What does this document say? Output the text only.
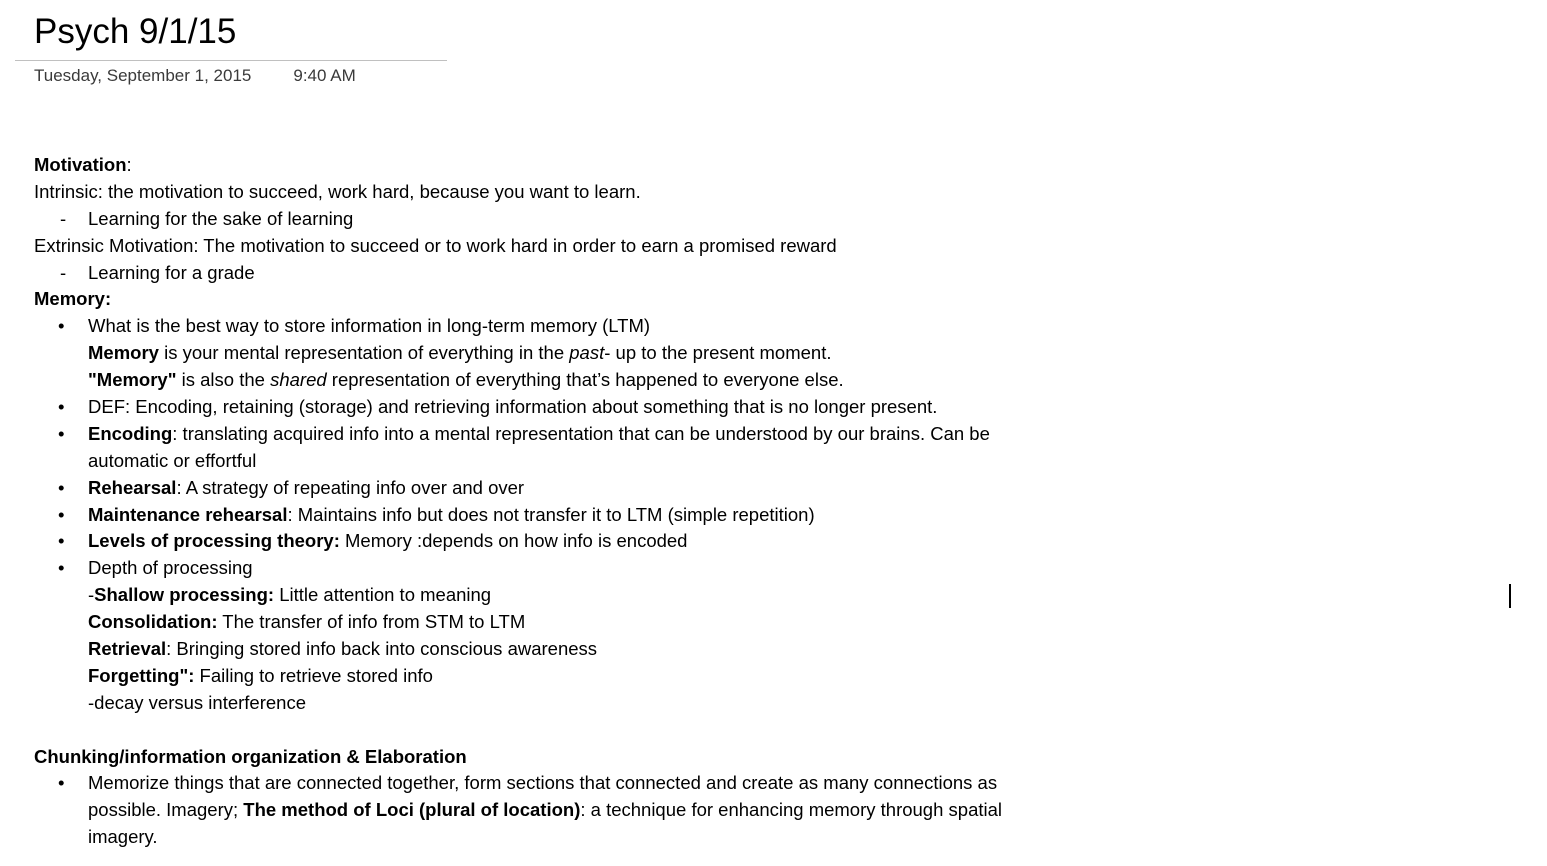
Psych 9/1/15
Tuesday, September 1, 2015 9:40 AM
Motivation:
Intrinsic: the motivation to succeed, work hard, because you want to learn.
- Learning for the sake of learning
Extrinsic Motivation: The motivation to succeed or to work hard in order to earn a promised reward
- Learning for a grade
Memory:
• What is the best way to store information in long-term memory (LTM)
Memory is your mental representation of everything in the past- up to the present moment.
"Memory" is also the shared representation of everything that’s happened to everyone else.
• DEF: Encoding, retaining (storage) and retrieving information about something that is no longer present.
• Encoding: translating acquired info into a mental representation that can be understood by our brains. Can be
automatic or effortful
• Rehearsal: A strategy of repeating info over and over
• Maintenance rehearsal: Maintains info but does not transfer it to LTM (simple repetition)
• Levels of processing theory: Memory :depends on how info is encoded
• Depth of processing
-Shallow processing: Little attention to meaning
Consolidation: The transfer of info from STM to LTM
Retrieval: Bringing stored info back into conscious awareness
Forgetting": Failing to retrieve stored info
-decay versus interference
Chunking/information organization & Elaboration
• Memorize things that are connected together, form sections that connected and create as many connections as
possible. Imagery; The method of Loci (plural of location): a technique for enhancing memory through spatial
imagery.
